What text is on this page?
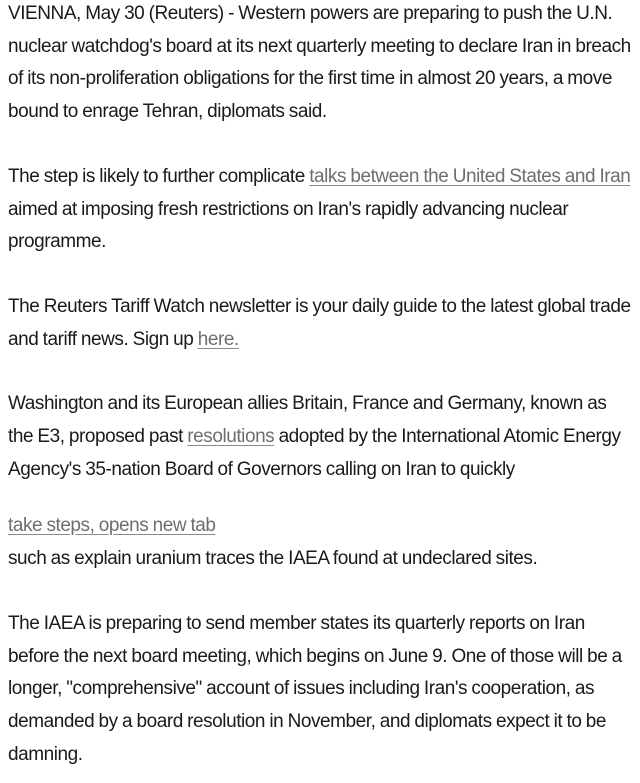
VIENNA, May 30 (Reuters) - Western powers are preparing to push the U.N. nuclear watchdog's board at its next quarterly meeting to declare Iran in breach of its non-proliferation obligations for the first time in almost 20 years, a move bound to enrage Tehran, diplomats said.

The step is likely to further complicate talks between the United States and Iran aimed at imposing fresh restrictions on Iran's rapidly advancing nuclear programme.

The Reuters Tariff Watch newsletter is your daily guide to the latest global trade and tariff news. Sign up here.

Washington and its European allies Britain, France and Germany, known as the E3, proposed past resolutions adopted by the International Atomic Energy Agency's 35-nation Board of Governors calling on Iran to quickly

take steps, opens new tab
such as explain uranium traces the IAEA found at undeclared sites.

The IAEA is preparing to send member states its quarterly reports on Iran before the next board meeting, which begins on June 9. One of those will be a longer, "comprehensive" account of issues including Iran's cooperation, as demanded by a board resolution in November, and diplomats expect it to be damning.
